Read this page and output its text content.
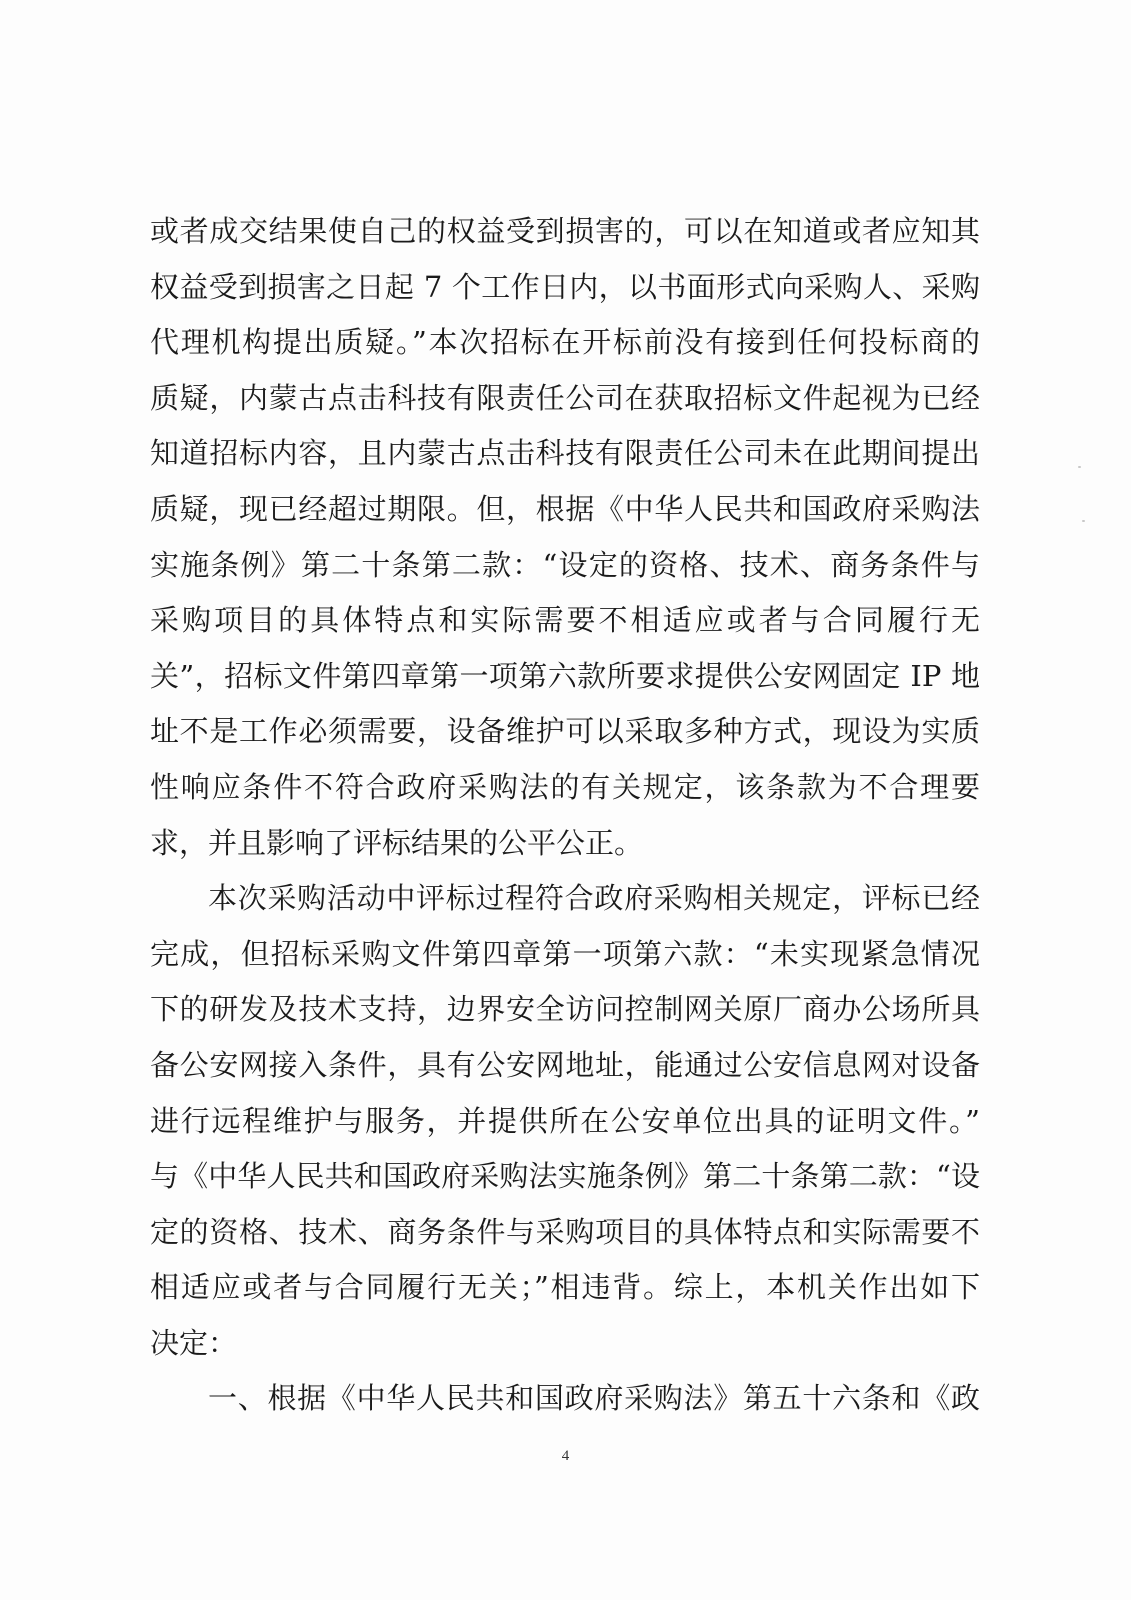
或者成交结果使自己的权益受到损害的，可以在知道或者应知其
权益受到损害之日起 7 个工作日内，以书面形式向采购人、采购
代理机构提出质疑。”本次招标在开标前没有接到任何投标商的
质疑，内蒙古点击科技有限责任公司在获取招标文件起视为已经
知道招标内容，且内蒙古点击科技有限责任公司未在此期间提出
质疑，现已经超过期限。但，根据《中华人民共和国政府采购法
实施条例》第二十条第二款：“设定的资格、技术、商务条件与
采购项目的具体特点和实际需要不相适应或者与合同履行无
关”，招标文件第四章第一项第六款所要求提供公安网固定 IP 地
址不是工作必须需要，设备维护可以采取多种方式，现设为实质
性响应条件不符合政府采购法的有关规定，该条款为不合理要
求，并且影响了评标结果的公平公正。
本次采购活动中评标过程符合政府采购相关规定，评标已经
完成，但招标采购文件第四章第一项第六款：“未实现紧急情况
下的研发及技术支持，边界安全访问控制网关原厂商办公场所具
备公安网接入条件，具有公安网地址，能通过公安信息网对设备
进行远程维护与服务，并提供所在公安单位出具的证明文件。”
与《中华人民共和国政府采购法实施条例》第二十条第二款：“设
定的资格、技术、商务条件与采购项目的具体特点和实际需要不
相适应或者与合同履行无关；”相违背。综上，本机关作出如下
决定：
一、根据《中华人民共和国政府采购法》第五十六条和《政
4
